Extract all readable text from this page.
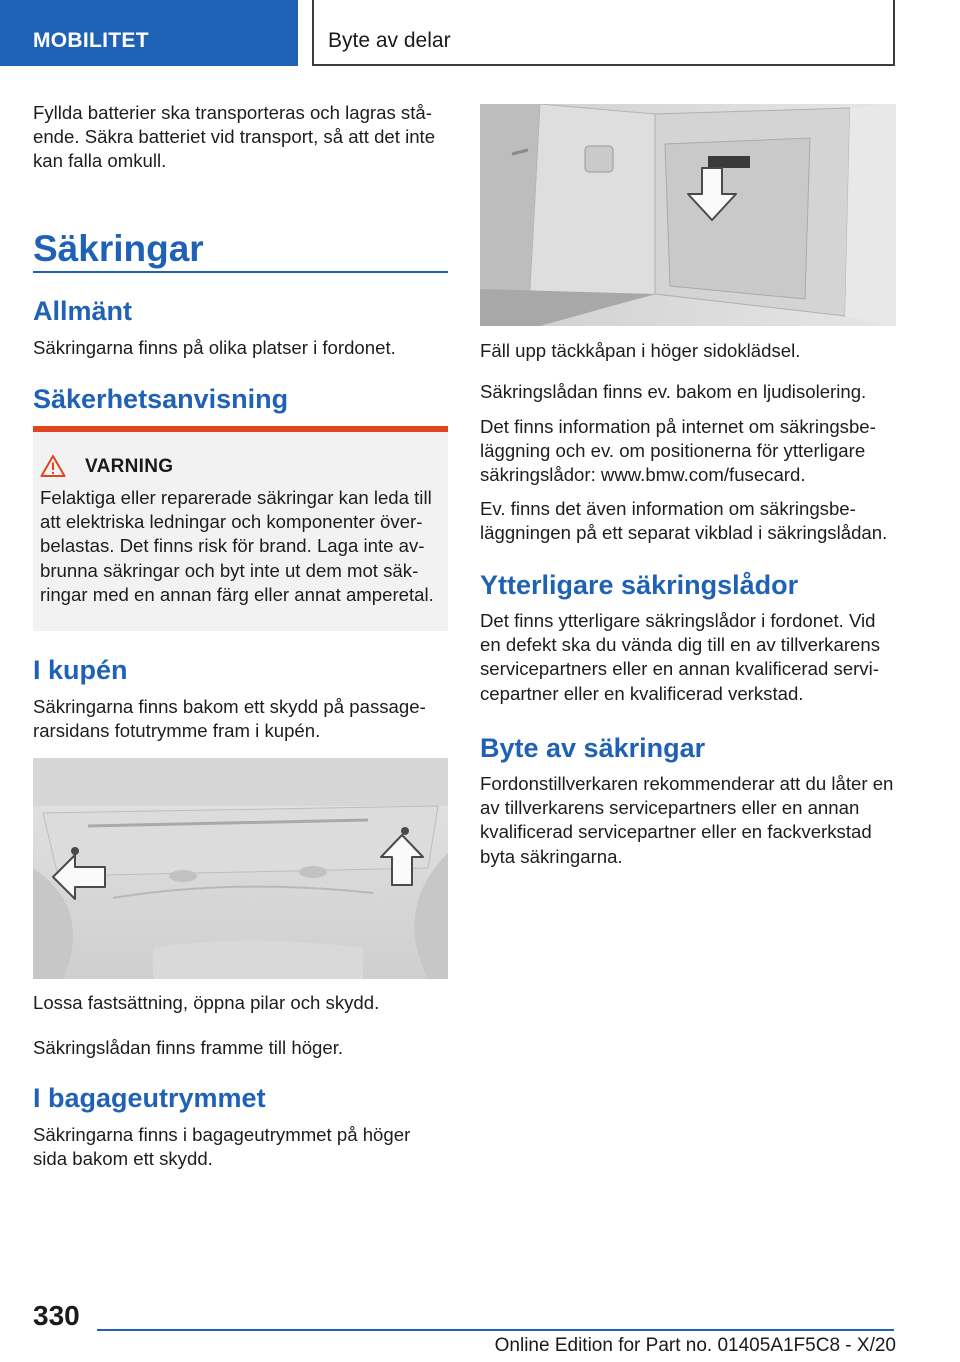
MOBILITET	Byte av delar

Fyllda batterier ska transporteras och lagras stående. Säkra batteriet vid transport, så att det inte kan falla omkull.

Säkringar
Allmänt

Säkringarna finns på olika platser i fordonet.

Säkerhetsanvisning
VARNING

Felaktiga eller reparerade säkringar kan leda till att elektriska ledningar och komponenter överbelastas. Det finns risk för brand. Laga inte avbrunna säkringar och byt inte ut dem mot säkringar med en annan färg eller annat amperetal.

I kupén

Säkringarna finns bakom ett skydd på passagerarsidans fotutrymme fram i kupén.

Lossa fastsättning, öppna pilar och skydd.

Säkringslådan finns framme till höger.

I bagageutrymmet

Säkringarna finns i bagageutrymmet på höger sida bakom ett skydd.

Fäll upp täckkåpan i höger sidoklädsel.

Säkringslådan finns ev. bakom en ljudisolering.

Det finns information på internet om säkringsbeläggning och ev. om positionerna för ytterligare säkringslådor: www.bmw.com/fusecard.

Ev. finns det även information om säkringsbeläggningen på ett separat vikblad i säkringslådan.

Ytterligare säkringslådor

Det finns ytterligare säkringslådor i fordonet. Vid en defekt ska du vända dig till en av tillverkarens servicepartners eller en annan kvalificerad servicepartner eller en kvalificerad verkstad.

Byte av säkringar

Fordonstillverkaren rekommenderar att du låter en av tillverkarens servicepartners eller en annan kvalificerad servicepartner eller en fackverkstad byta säkringarna.

330
Online Edition for Part no. 01405A1F5C8 - X/20
